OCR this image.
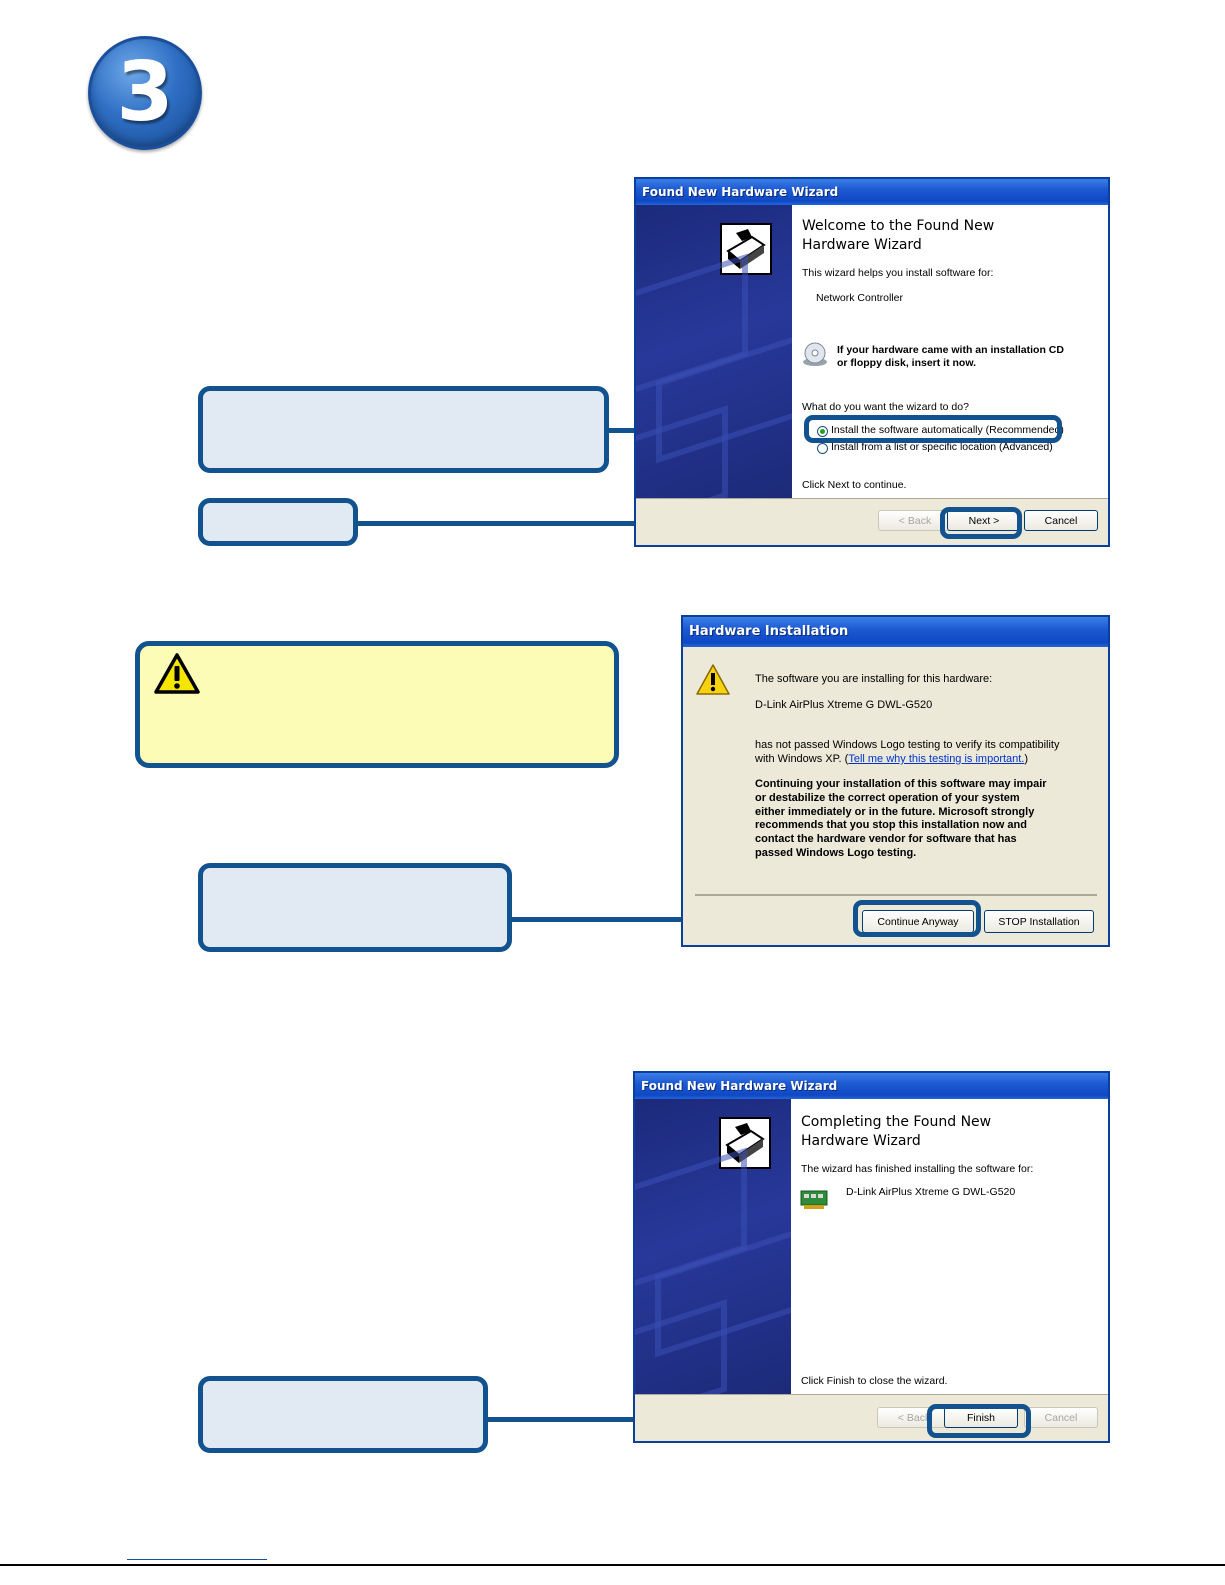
3
Found New Hardware Wizard
Welcome to the Found New
Hardware Wizard
This wizard helps you install software for:
Network Controller
If your hardware came with an installation CD
or floppy disk, insert it now.
What do you want the wizard to do?
Install the software automatically (Recommended)
Install from a list or specific location (Advanced)
Click Next to continue.
< Back	Next >	Cancel
Hardware Installation
The software you are installing for this hardware:
D-Link AirPlus Xtreme G DWL-G520
has not passed Windows Logo testing to verify its compatibility
with Windows XP. (Tell me why this testing is important.)
Continuing your installation of this software may impair
or destabilize the correct operation of your system
either immediately or in the future. Microsoft strongly
recommends that you stop this installation now and
contact the hardware vendor for software that has
passed Windows Logo testing.
Continue Anyway	STOP Installation
Found New Hardware Wizard
Completing the Found New
Hardware Wizard
The wizard has finished installing the software for:
D-Link AirPlus Xtreme G DWL-G520
Click Finish to close the wizard.
< Back	Finish	Cancel
